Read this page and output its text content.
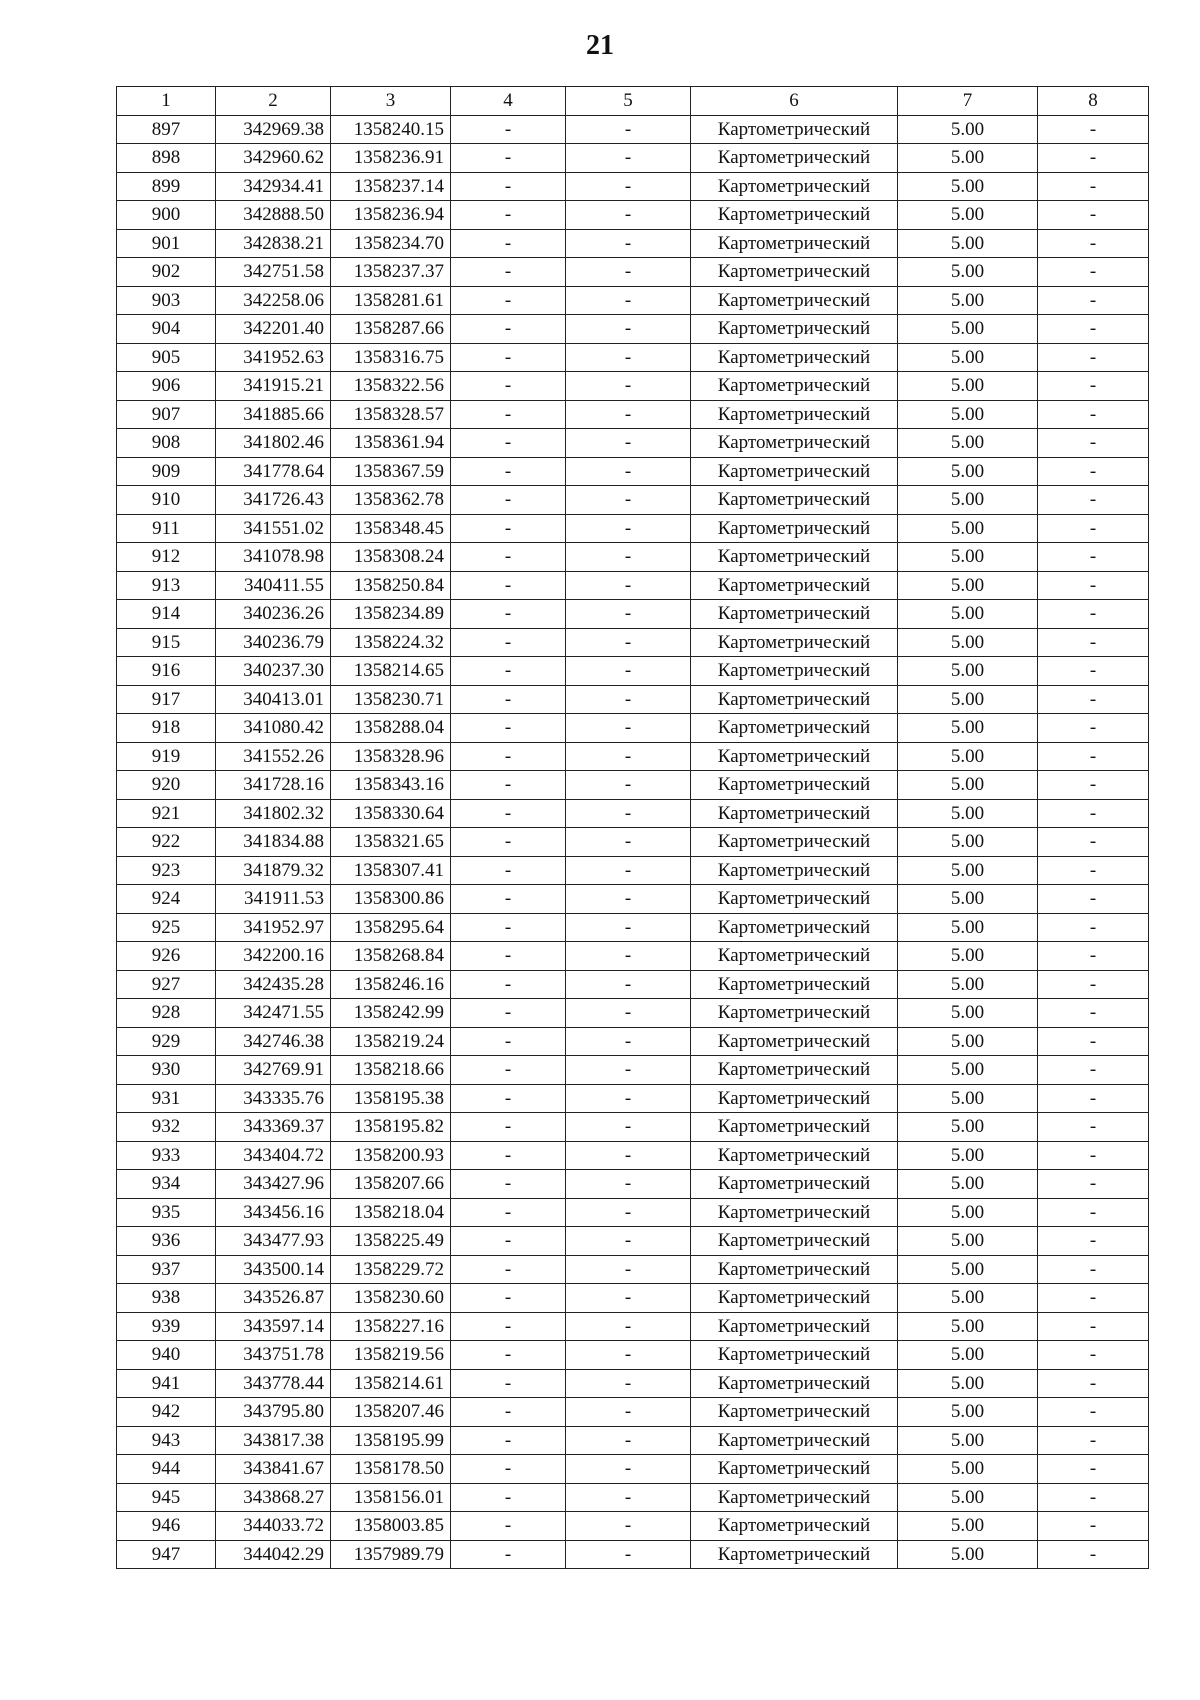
21
1	2	3	4	5	6	7	8
897	342969.38	1358240.15	-	-	Картометрический	5.00	-
898	342960.62	1358236.91	-	-	Картометрический	5.00	-
899	342934.41	1358237.14	-	-	Картометрический	5.00	-
900	342888.50	1358236.94	-	-	Картометрический	5.00	-
901	342838.21	1358234.70	-	-	Картометрический	5.00	-
902	342751.58	1358237.37	-	-	Картометрический	5.00	-
903	342258.06	1358281.61	-	-	Картометрический	5.00	-
904	342201.40	1358287.66	-	-	Картометрический	5.00	-
905	341952.63	1358316.75	-	-	Картометрический	5.00	-
906	341915.21	1358322.56	-	-	Картометрический	5.00	-
907	341885.66	1358328.57	-	-	Картометрический	5.00	-
908	341802.46	1358361.94	-	-	Картометрический	5.00	-
909	341778.64	1358367.59	-	-	Картометрический	5.00	-
910	341726.43	1358362.78	-	-	Картометрический	5.00	-
911	341551.02	1358348.45	-	-	Картометрический	5.00	-
912	341078.98	1358308.24	-	-	Картометрический	5.00	-
913	340411.55	1358250.84	-	-	Картометрический	5.00	-
914	340236.26	1358234.89	-	-	Картометрический	5.00	-
915	340236.79	1358224.32	-	-	Картометрический	5.00	-
916	340237.30	1358214.65	-	-	Картометрический	5.00	-
917	340413.01	1358230.71	-	-	Картометрический	5.00	-
918	341080.42	1358288.04	-	-	Картометрический	5.00	-
919	341552.26	1358328.96	-	-	Картометрический	5.00	-
920	341728.16	1358343.16	-	-	Картометрический	5.00	-
921	341802.32	1358330.64	-	-	Картометрический	5.00	-
922	341834.88	1358321.65	-	-	Картометрический	5.00	-
923	341879.32	1358307.41	-	-	Картометрический	5.00	-
924	341911.53	1358300.86	-	-	Картометрический	5.00	-
925	341952.97	1358295.64	-	-	Картометрический	5.00	-
926	342200.16	1358268.84	-	-	Картометрический	5.00	-
927	342435.28	1358246.16	-	-	Картометрический	5.00	-
928	342471.55	1358242.99	-	-	Картометрический	5.00	-
929	342746.38	1358219.24	-	-	Картометрический	5.00	-
930	342769.91	1358218.66	-	-	Картометрический	5.00	-
931	343335.76	1358195.38	-	-	Картометрический	5.00	-
932	343369.37	1358195.82	-	-	Картометрический	5.00	-
933	343404.72	1358200.93	-	-	Картометрический	5.00	-
934	343427.96	1358207.66	-	-	Картометрический	5.00	-
935	343456.16	1358218.04	-	-	Картометрический	5.00	-
936	343477.93	1358225.49	-	-	Картометрический	5.00	-
937	343500.14	1358229.72	-	-	Картометрический	5.00	-
938	343526.87	1358230.60	-	-	Картометрический	5.00	-
939	343597.14	1358227.16	-	-	Картометрический	5.00	-
940	343751.78	1358219.56	-	-	Картометрический	5.00	-
941	343778.44	1358214.61	-	-	Картометрический	5.00	-
942	343795.80	1358207.46	-	-	Картометрический	5.00	-
943	343817.38	1358195.99	-	-	Картометрический	5.00	-
944	343841.67	1358178.50	-	-	Картометрический	5.00	-
945	343868.27	1358156.01	-	-	Картометрический	5.00	-
946	344033.72	1358003.85	-	-	Картометрический	5.00	-
947	344042.29	1357989.79	-	-	Картометрический	5.00	-
